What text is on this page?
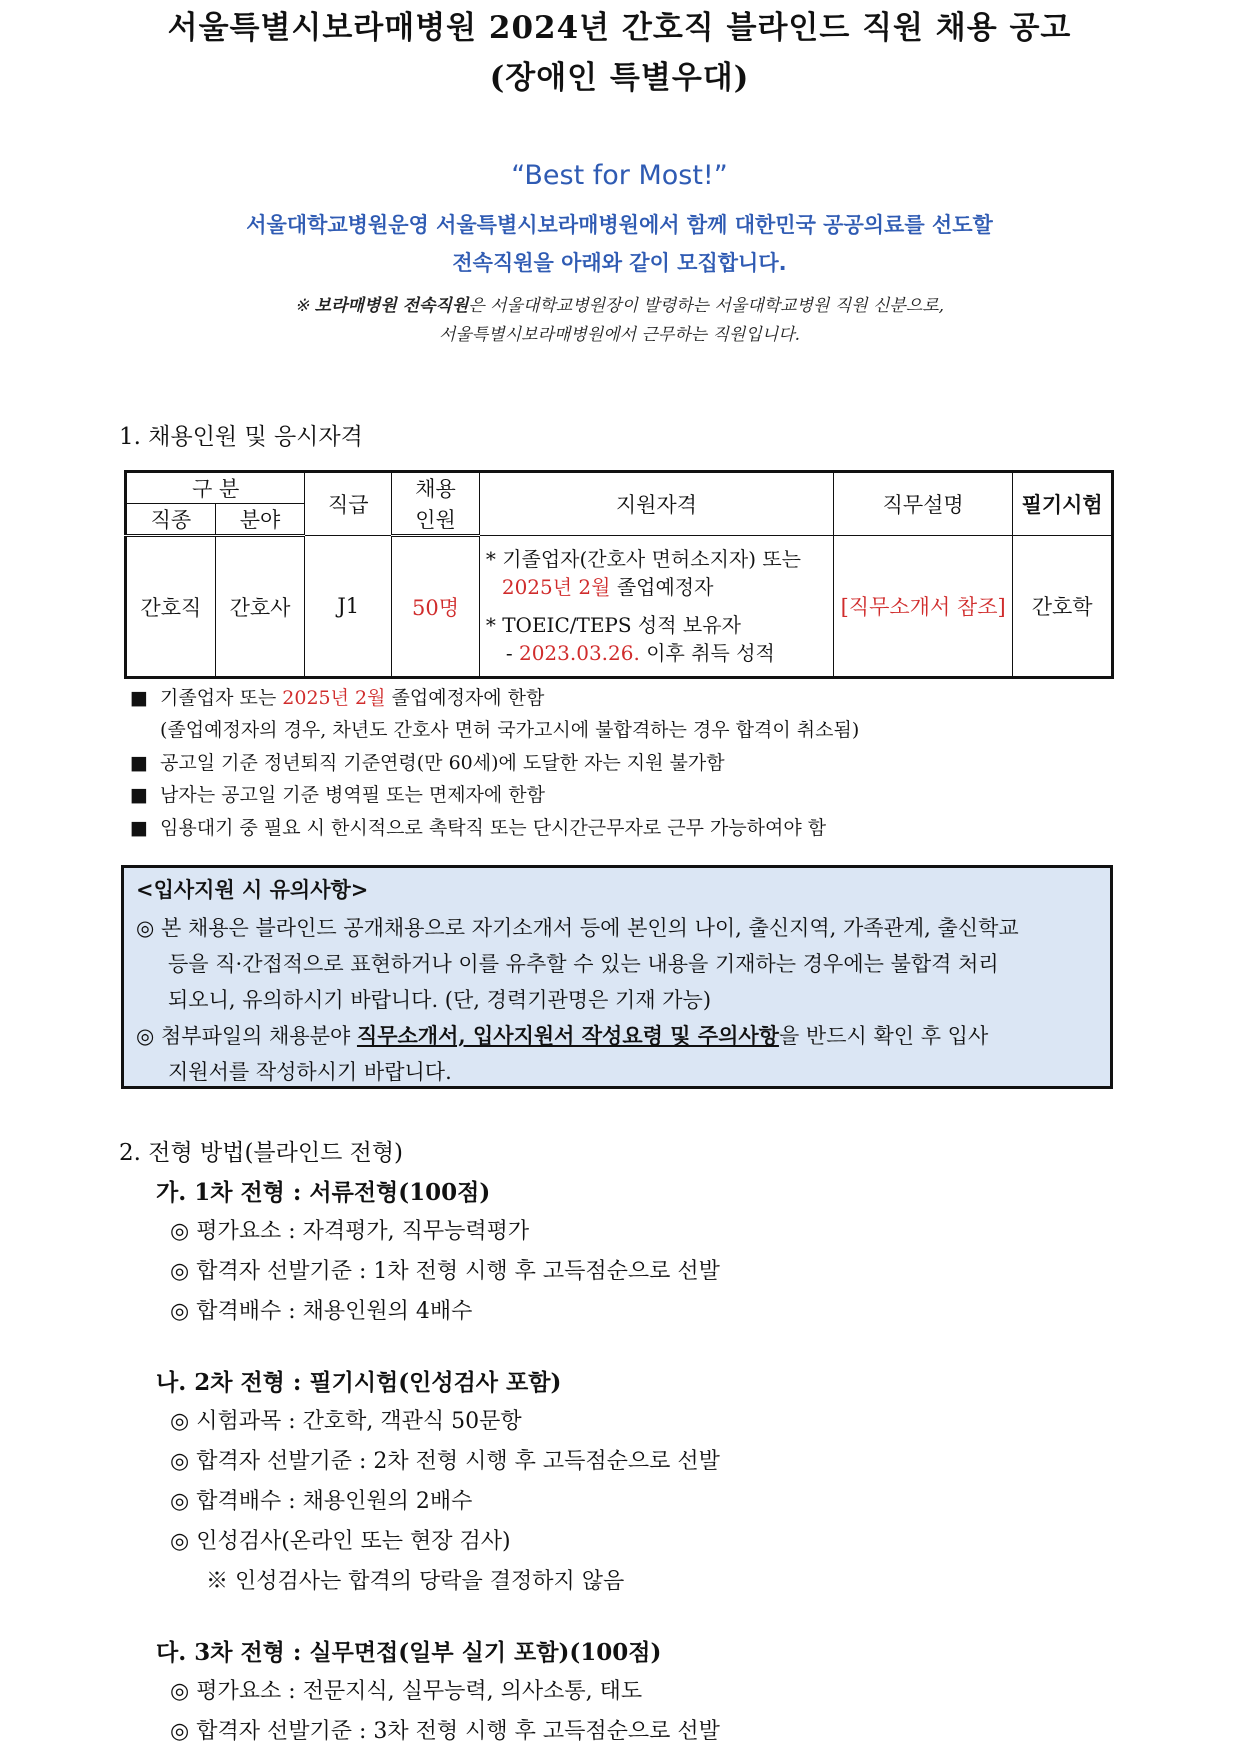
서울특별시보라매병원 2024년 간호직 블라인드 직원 채용 공고
(장애인 특별우대)
“Best for Most!”
서울대학교병원운영 서울특별시보라매병원에서 함께 대한민국 공공의료를 선도할
전속직원을 아래와 같이 모집합니다.
※ 보라매병원 전속직원은 서울대학교병원장이 발령하는 서울대학교병원 직원 신분으로,
서울특별시보라매병원에서 근무하는 직원입니다.
1. 채용인원 및 응시자격
구 분		직급	채용	지원자격	직무설명	필기시험
직종	분야		인원			
간호직	간호사	J1	50명	* 기졸업자(간호사 면허소지자) 또는
2025년 2월 졸업예정자
* TOEIC/TEPS 성적 보유자
- 2023.03.26. 이후 취득 성적	[직무소개서 참조]	간호학
■ 기졸업자 또는 2025년 2월 졸업예정자에 한함
(졸업예정자의 경우, 차년도 간호사 면허 국가고시에 불합격하는 경우 합격이 취소됨)
■ 공고일 기준 정년퇴직 기준연령(만 60세)에 도달한 자는 지원 불가함
■ 남자는 공고일 기준 병역필 또는 면제자에 한함
■ 임용대기 중 필요 시 한시적으로 촉탁직 또는 단시간근무자로 근무 가능하여야 함
<입사지원 시 유의사항>
◎ 본 채용은 블라인드 공개채용으로 자기소개서 등에 본인의 나이, 출신지역, 가족관계, 출신학교
등을 직·간접적으로 표현하거나 이를 유추할 수 있는 내용을 기재하는 경우에는 불합격 처리
되오니, 유의하시기 바랍니다. (단, 경력기관명은 기재 가능)
◎ 첨부파일의 채용분야 직무소개서, 입사지원서 작성요령 및 주의사항을 반드시 확인 후 입사
지원서를 작성하시기 바랍니다.
2. 전형 방법(블라인드 전형)
가. 1차 전형 : 서류전형(100점)
◎ 평가요소 : 자격평가, 직무능력평가
◎ 합격자 선발기준 : 1차 전형 시행 후 고득점순으로 선발
◎ 합격배수 : 채용인원의 4배수
나. 2차 전형 : 필기시험(인성검사 포함)
◎ 시험과목 : 간호학, 객관식 50문항
◎ 합격자 선발기준 : 2차 전형 시행 후 고득점순으로 선발
◎ 합격배수 : 채용인원의 2배수
◎ 인성검사(온라인 또는 현장 검사)
※ 인성검사는 합격의 당락을 결정하지 않음
다. 3차 전형 : 실무면접(일부 실기 포함)(100점)
◎ 평가요소 : 전문지식, 실무능력, 의사소통, 태도
◎ 합격자 선발기준 : 3차 전형 시행 후 고득점순으로 선발
